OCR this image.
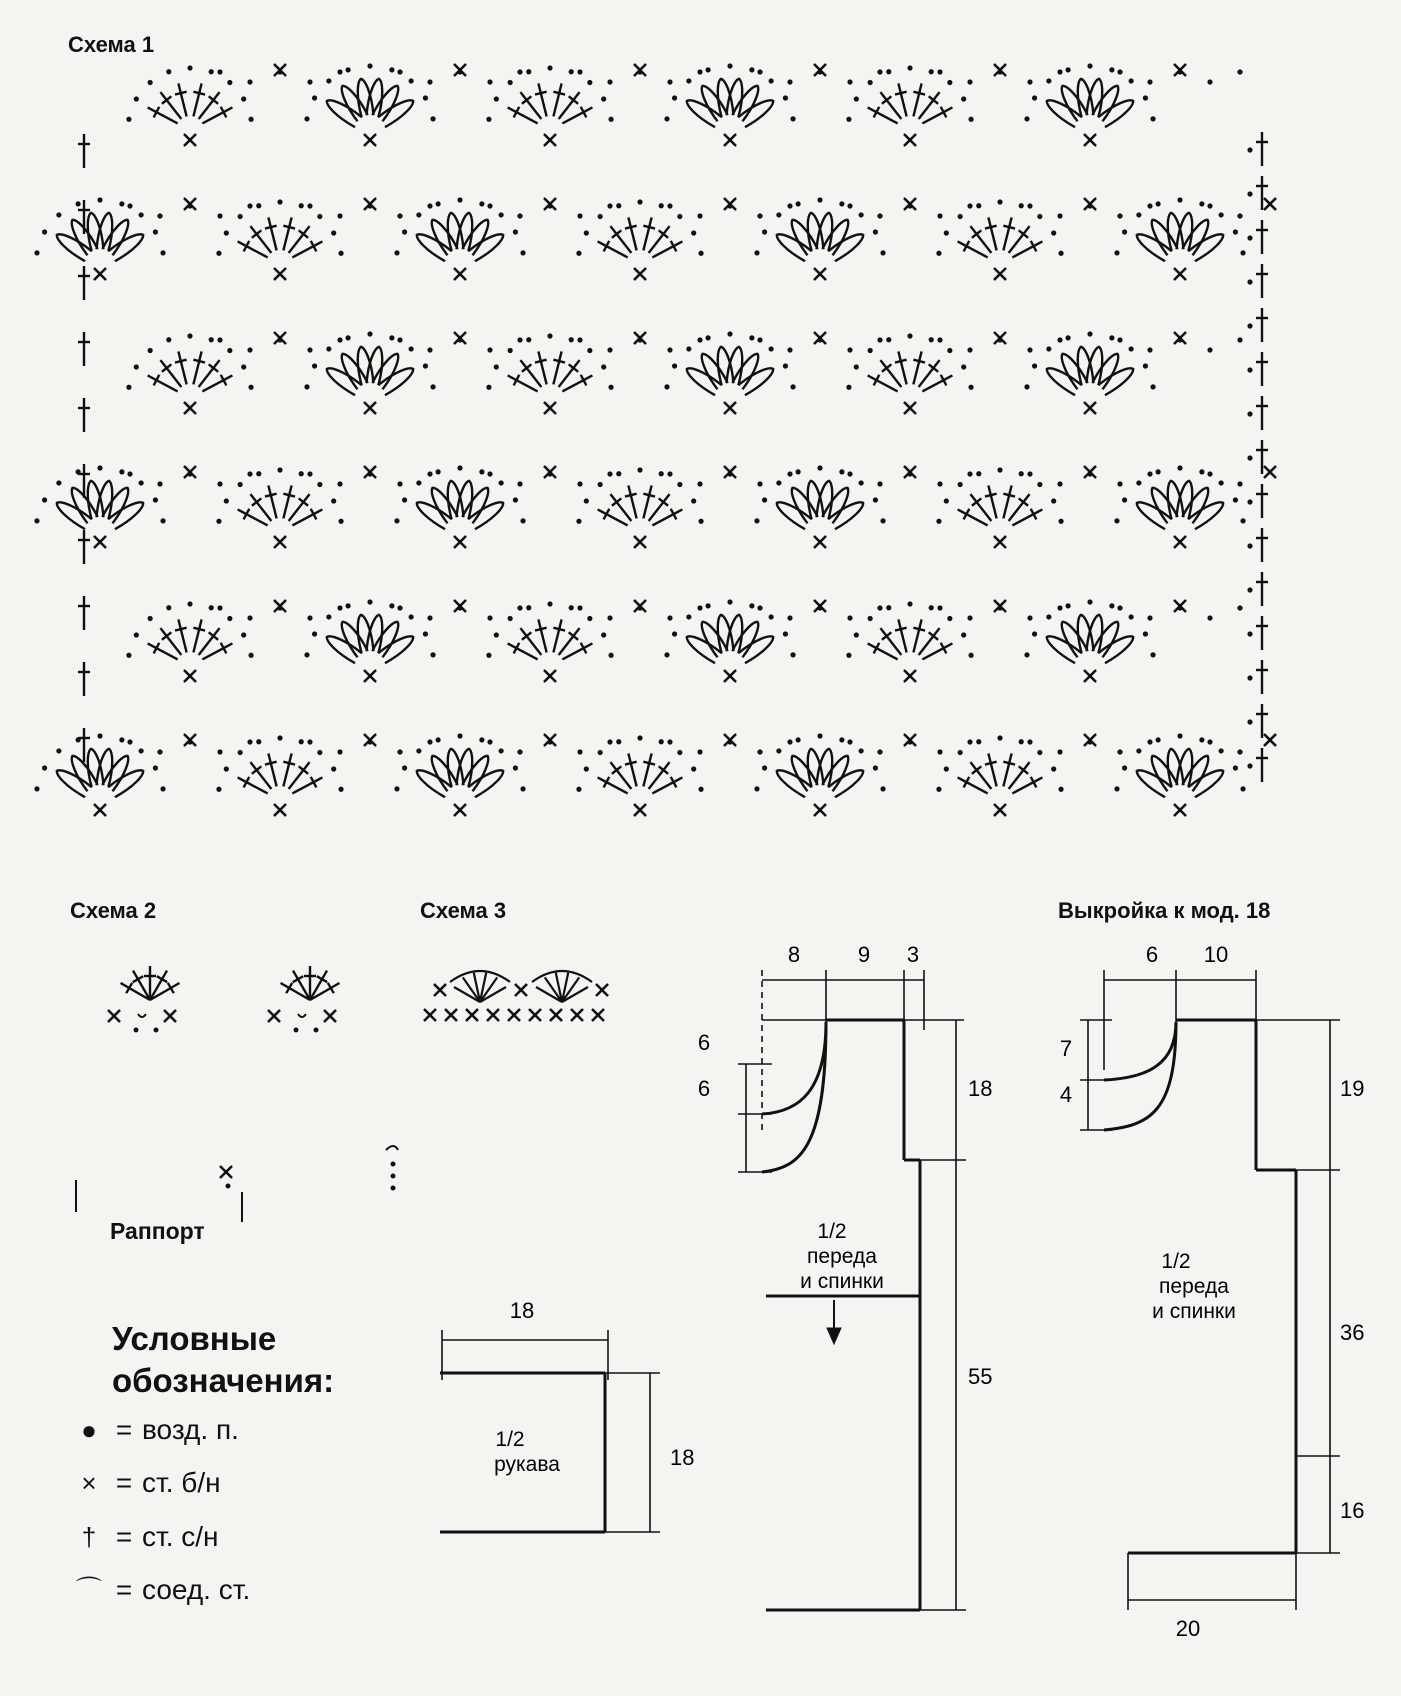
Схема 1
Схема 2	Схема 3	Выкройка к мод. 18
Раппорт
Условные
обозначения:
● = возд. п.
× = ст. б/н
† = ст. с/н
⌒ = соед. ст.
18
18
1/2
рукава
8	9 3
6
6	18
55
1/2
переда
и спинки
6 10
7
4	19
36
16
20
1/2
переда
и спинки
